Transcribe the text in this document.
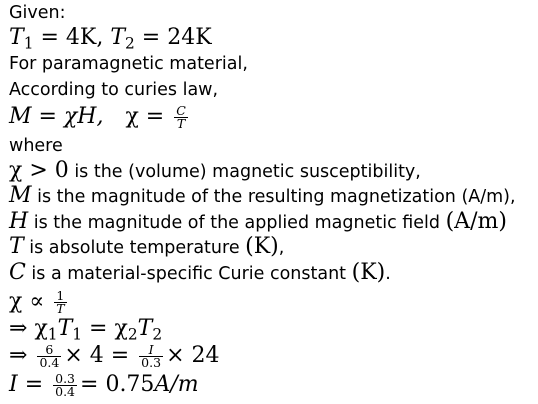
Given:
$T_1 = 4K$, $T_2 = 24K$
For paramagnetic material,
According to curies law,
M = χH, $\chi = \frac{C}{T}$
where
χ > 0 is the (volume) magnetic susceptibility,
M is the magnitude of the resulting magnetization (A/m),
H is the magnitude of the applied magnetic field (A/m)
T is absolute temperature (K),
C is a material-specific Curie constant (K).
$\chi \propto \frac{1}{T}$
⇒ $\chi_1T_1 = \chi_2T_2$
⇒ $\frac{6}{0.4} \times 4 = \frac{I}{0.3} \times 24$
$I = \frac{0.3}{0.4} = 0.75A/m$
